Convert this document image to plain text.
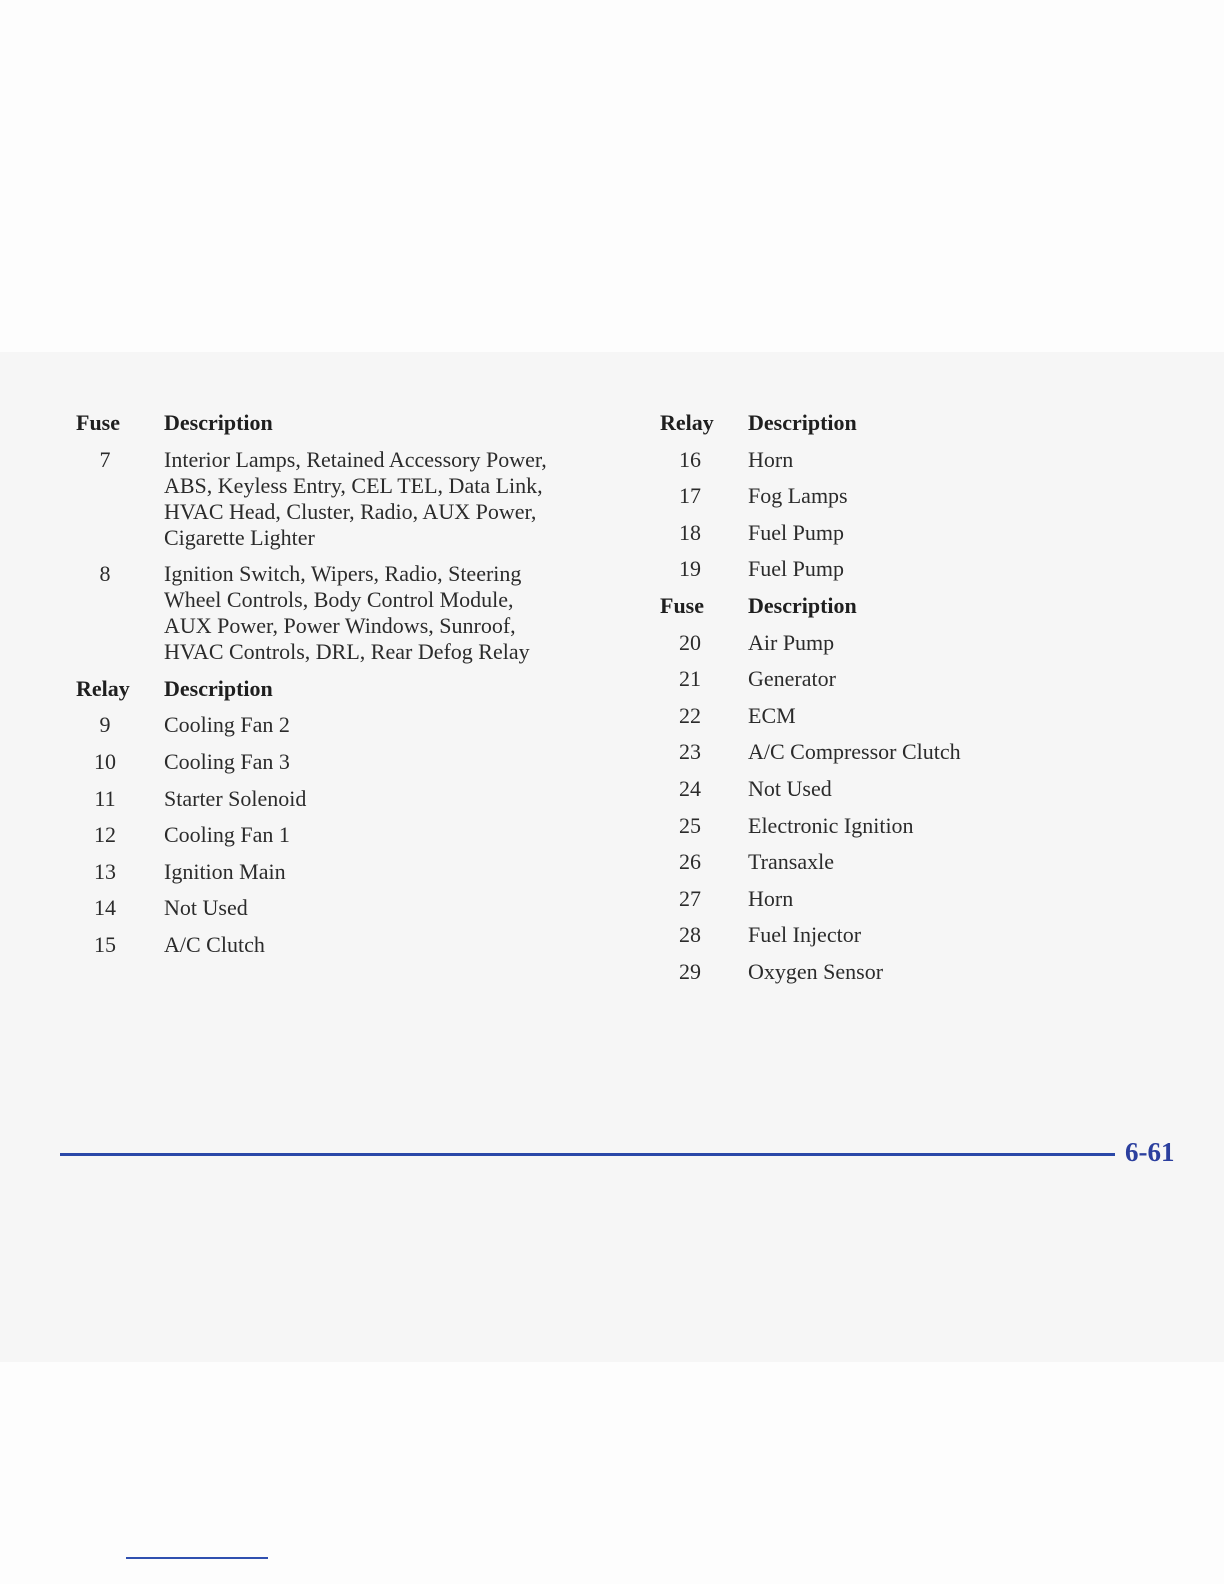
Fuse	Description
7	Interior Lamps, Retained Accessory Power,
ABS, Keyless Entry, CEL TEL, Data Link,
HVAC Head, Cluster, Radio, AUX Power,
Cigarette Lighter
8	Ignition Switch, Wipers, Radio, Steering
Wheel Controls, Body Control Module,
AUX Power, Power Windows, Sunroof,
HVAC Controls, DRL, Rear Defog Relay
Relay Description
9	Cooling Fan 2
10	Cooling Fan 3
11	Starter Solenoid
12	Cooling Fan 1
13	Ignition Main
14	Not Used
15	A/C Clutch
Relay Description
16	Horn
17	Fog Lamps
18	Fuel Pump
19	Fuel Pump
Fuse	Description
20	Air Pump
21	Generator
22	ECM
23	A/C Compressor Clutch
24	Not Used
25	Electronic Ignition
26	Transaxle
27	Horn
28	Fuel Injector
29	Oxygen Sensor
6-61
